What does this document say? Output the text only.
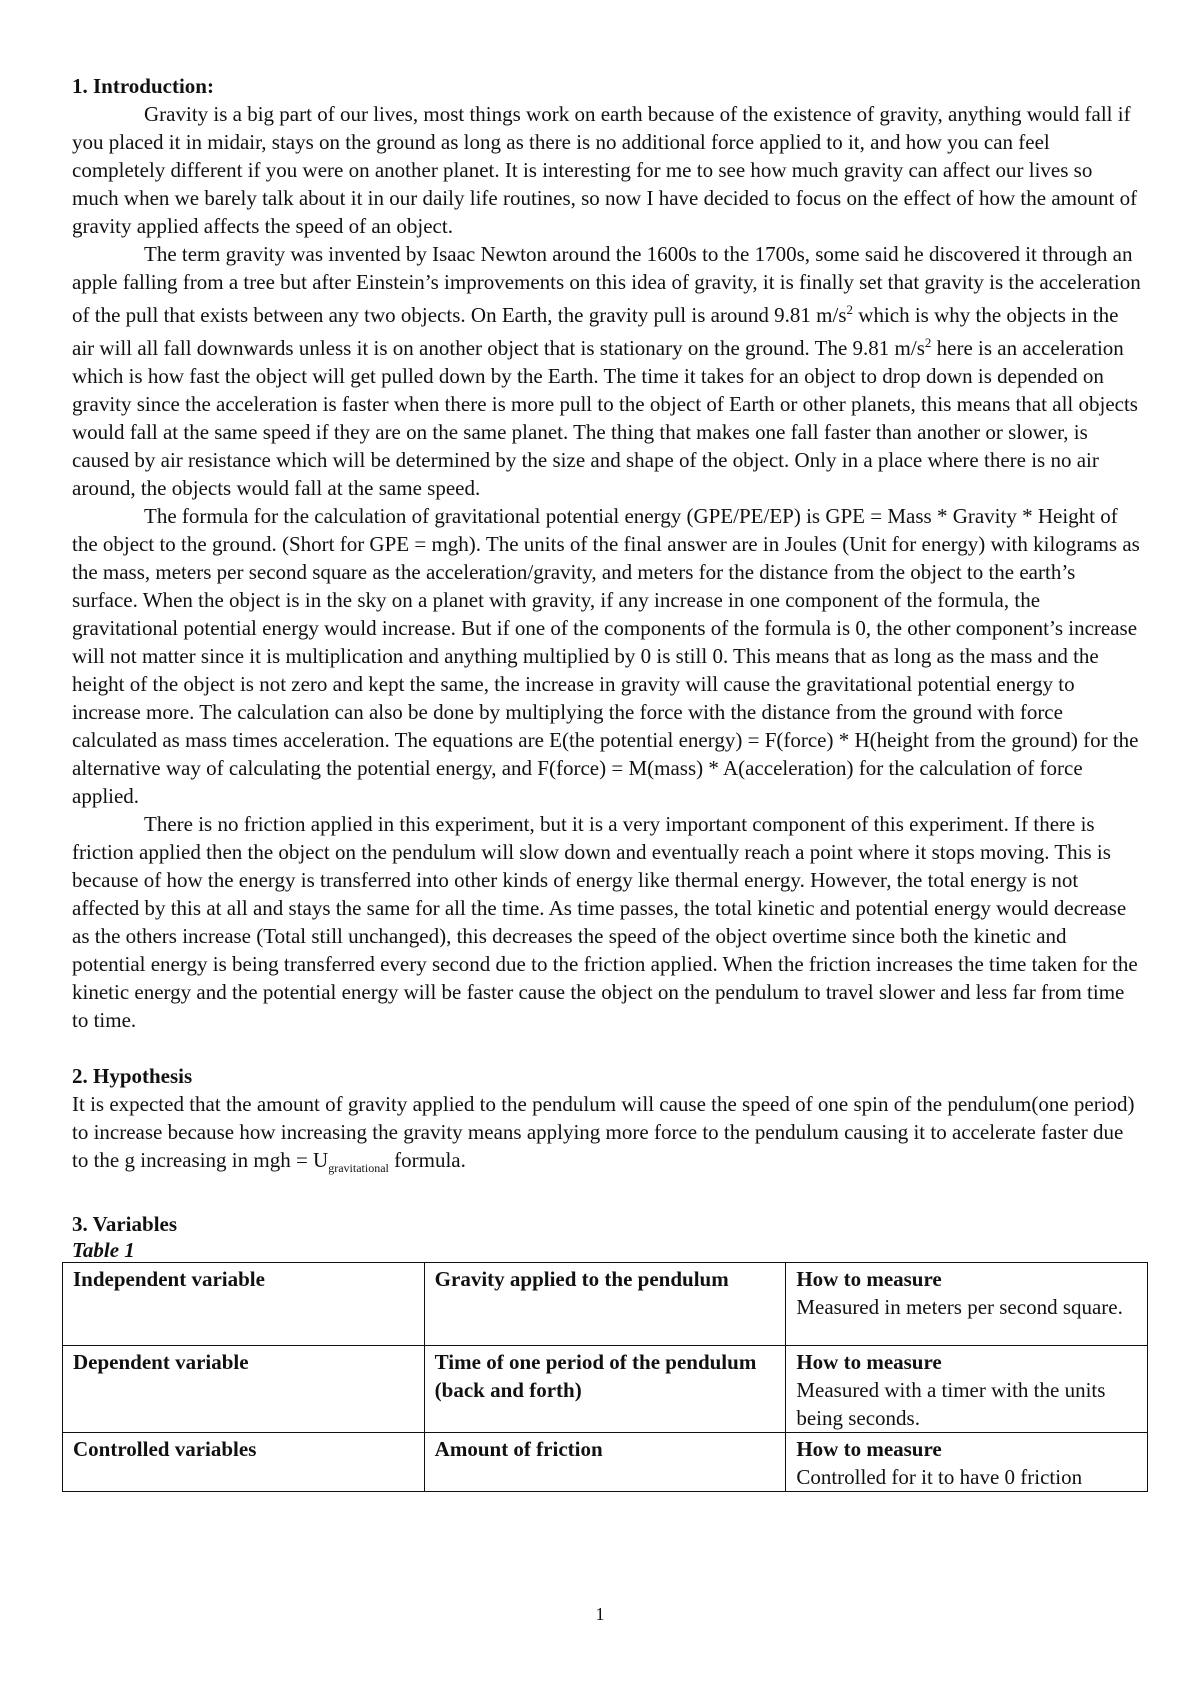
1. Introduction:

Gravity is a big part of our lives, most things work on earth because of the existence of gravity, anything would fall if you placed it in midair, stays on the ground as long as there is no additional force applied to it, and how you can feel completely different if you were on another planet. It is interesting for me to see how much gravity can affect our lives so much when we barely talk about it in our daily life routines, so now I have decided to focus on the effect of how the amount of gravity applied affects the speed of an object.

The term gravity was invented by Isaac Newton around the 1600s to the 1700s, some said he discovered it through an apple falling from a tree but after Einstein’s improvements on this idea of gravity, it is finally set that gravity is the acceleration of the pull that exists between any two objects. On Earth, the gravity pull is around 9.81 $m/s^2$ which is why the objects in the air will all fall downwards unless it is on another object that is stationary on the ground. The 9.81 $m/s^2$ here is an acceleration which is how fast the object will get pulled down by the Earth. The time it takes for an object to drop down is depended on gravity since the acceleration is faster when there is more pull to the object of Earth or other planets, this means that all objects would fall at the same speed if they are on the same planet. The thing that makes one fall faster than another or slower, is caused by air resistance which will be determined by the size and shape of the object. Only in a place where there is no air around, the objects would fall at the same speed.

The formula for the calculation of gravitational potential energy (GPE/PE/EP) is GPE = Mass * Gravity * Height of the object to the ground. (Short for GPE = mgh). The units of the final answer are in Joules (Unit for energy) with kilograms as the mass, meters per second square as the acceleration/gravity, and meters for the distance from the object to the earth’s surface. When the object is in the sky on a planet with gravity, if any increase in one component of the formula, the gravitational potential energy would increase. But if one of the components of the formula is 0, the other component’s increase will not matter since it is multiplication and anything multiplied by 0 is still 0. This means that as long as the mass and the height of the object is not zero and kept the same, the increase in gravity will cause the gravitational potential energy to increase more. The calculation can also be done by multiplying the force with the distance from the ground with force calculated as mass times acceleration. The equations are E(the potential energy) = F(force) * H(height from the ground) for the alternative way of calculating the potential energy, and F(force) = M(mass) * A(acceleration) for the calculation of force applied.

There is no friction applied in this experiment, but it is a very important component of this experiment. If there is friction applied then the object on the pendulum will slow down and eventually reach a point where it stops moving. This is because of how the energy is transferred into other kinds of energy like thermal energy. However, the total energy is not affected by this at all and stays the same for all the time. As time passes, the total kinetic and potential energy would decrease as the others increase (Total still unchanged), this decreases the speed of the object overtime since both the kinetic and potential energy is being transferred every second due to the friction applied. When the friction increases the time taken for the kinetic energy and the potential energy will be faster cause the object on the pendulum to travel slower and less far from time to time.

2. Hypothesis

It is expected that the amount of gravity applied to the pendulum will cause the speed of one spin of the pendulum(one period) to increase because how increasing the gravity means applying more force to the pendulum causing it to accelerate faster due to the g increasing in mgh = $U_{gravitational}$ formula.

3. Variables

Table 1

Independent variable	Gravity applied to the pendulum	How to measure
Measured in meters per second square.

Dependent variable	Time of one period of the pendulum (back and forth)	How to measure
Measured with a timer with the units being seconds.

Controlled variables	Amount of friction	How to measure
Controlled for it to have 0 friction
1
